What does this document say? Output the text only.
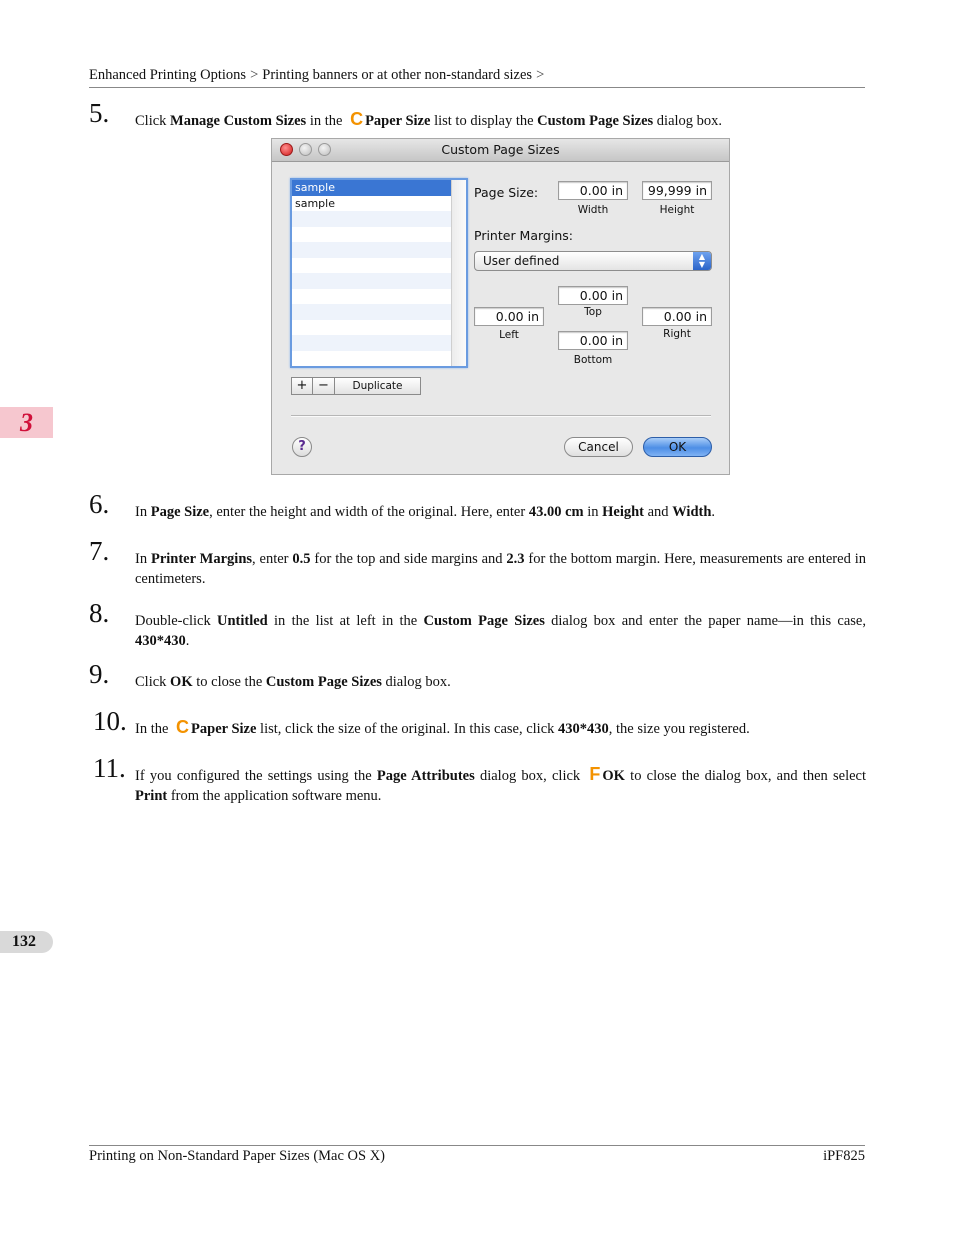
Enhanced Printing Options > Printing banners or at other non-standard sizes >
5.	Click Manage Custom Sizes in the C Paper Size list to display the Custom Page Sizes dialog box.
Custom Page Sizes
sample
sample
+ −	Duplicate
Page Size:	0.00 in
Width
99,999 in
Height
Printer Margins:
User defined	▲
▼
0.00 in
Top
0.00 in
Left
0.00 in
Right
0.00 in
Bottom
?	Cancel	OK
6.	In Page Size, enter the height and width of the original. Here, enter 43.00 cm in Height and Width.
7.	In Printer Margins, enter 0.5 for the top and side margins and 2.3 for the bottom margin. Here, measurements are entered in centimeters.
8.	Double-click Untitled in the list at left in the Custom Page Sizes dialog box and enter the paper name—in this case, 430*430.
9.	Click OK to close the Custom Page Sizes dialog box.
10. In the C Paper Size list, click the size of the original. In this case, click 430*430, the size you registered.
11. If you configured the settings using the Page Attributes dialog box, click F OK to close the dialog box, and then select Print from the application software menu.
3
132
Printing on Non-Standard Paper Sizes (Mac OS X)	iPF825
